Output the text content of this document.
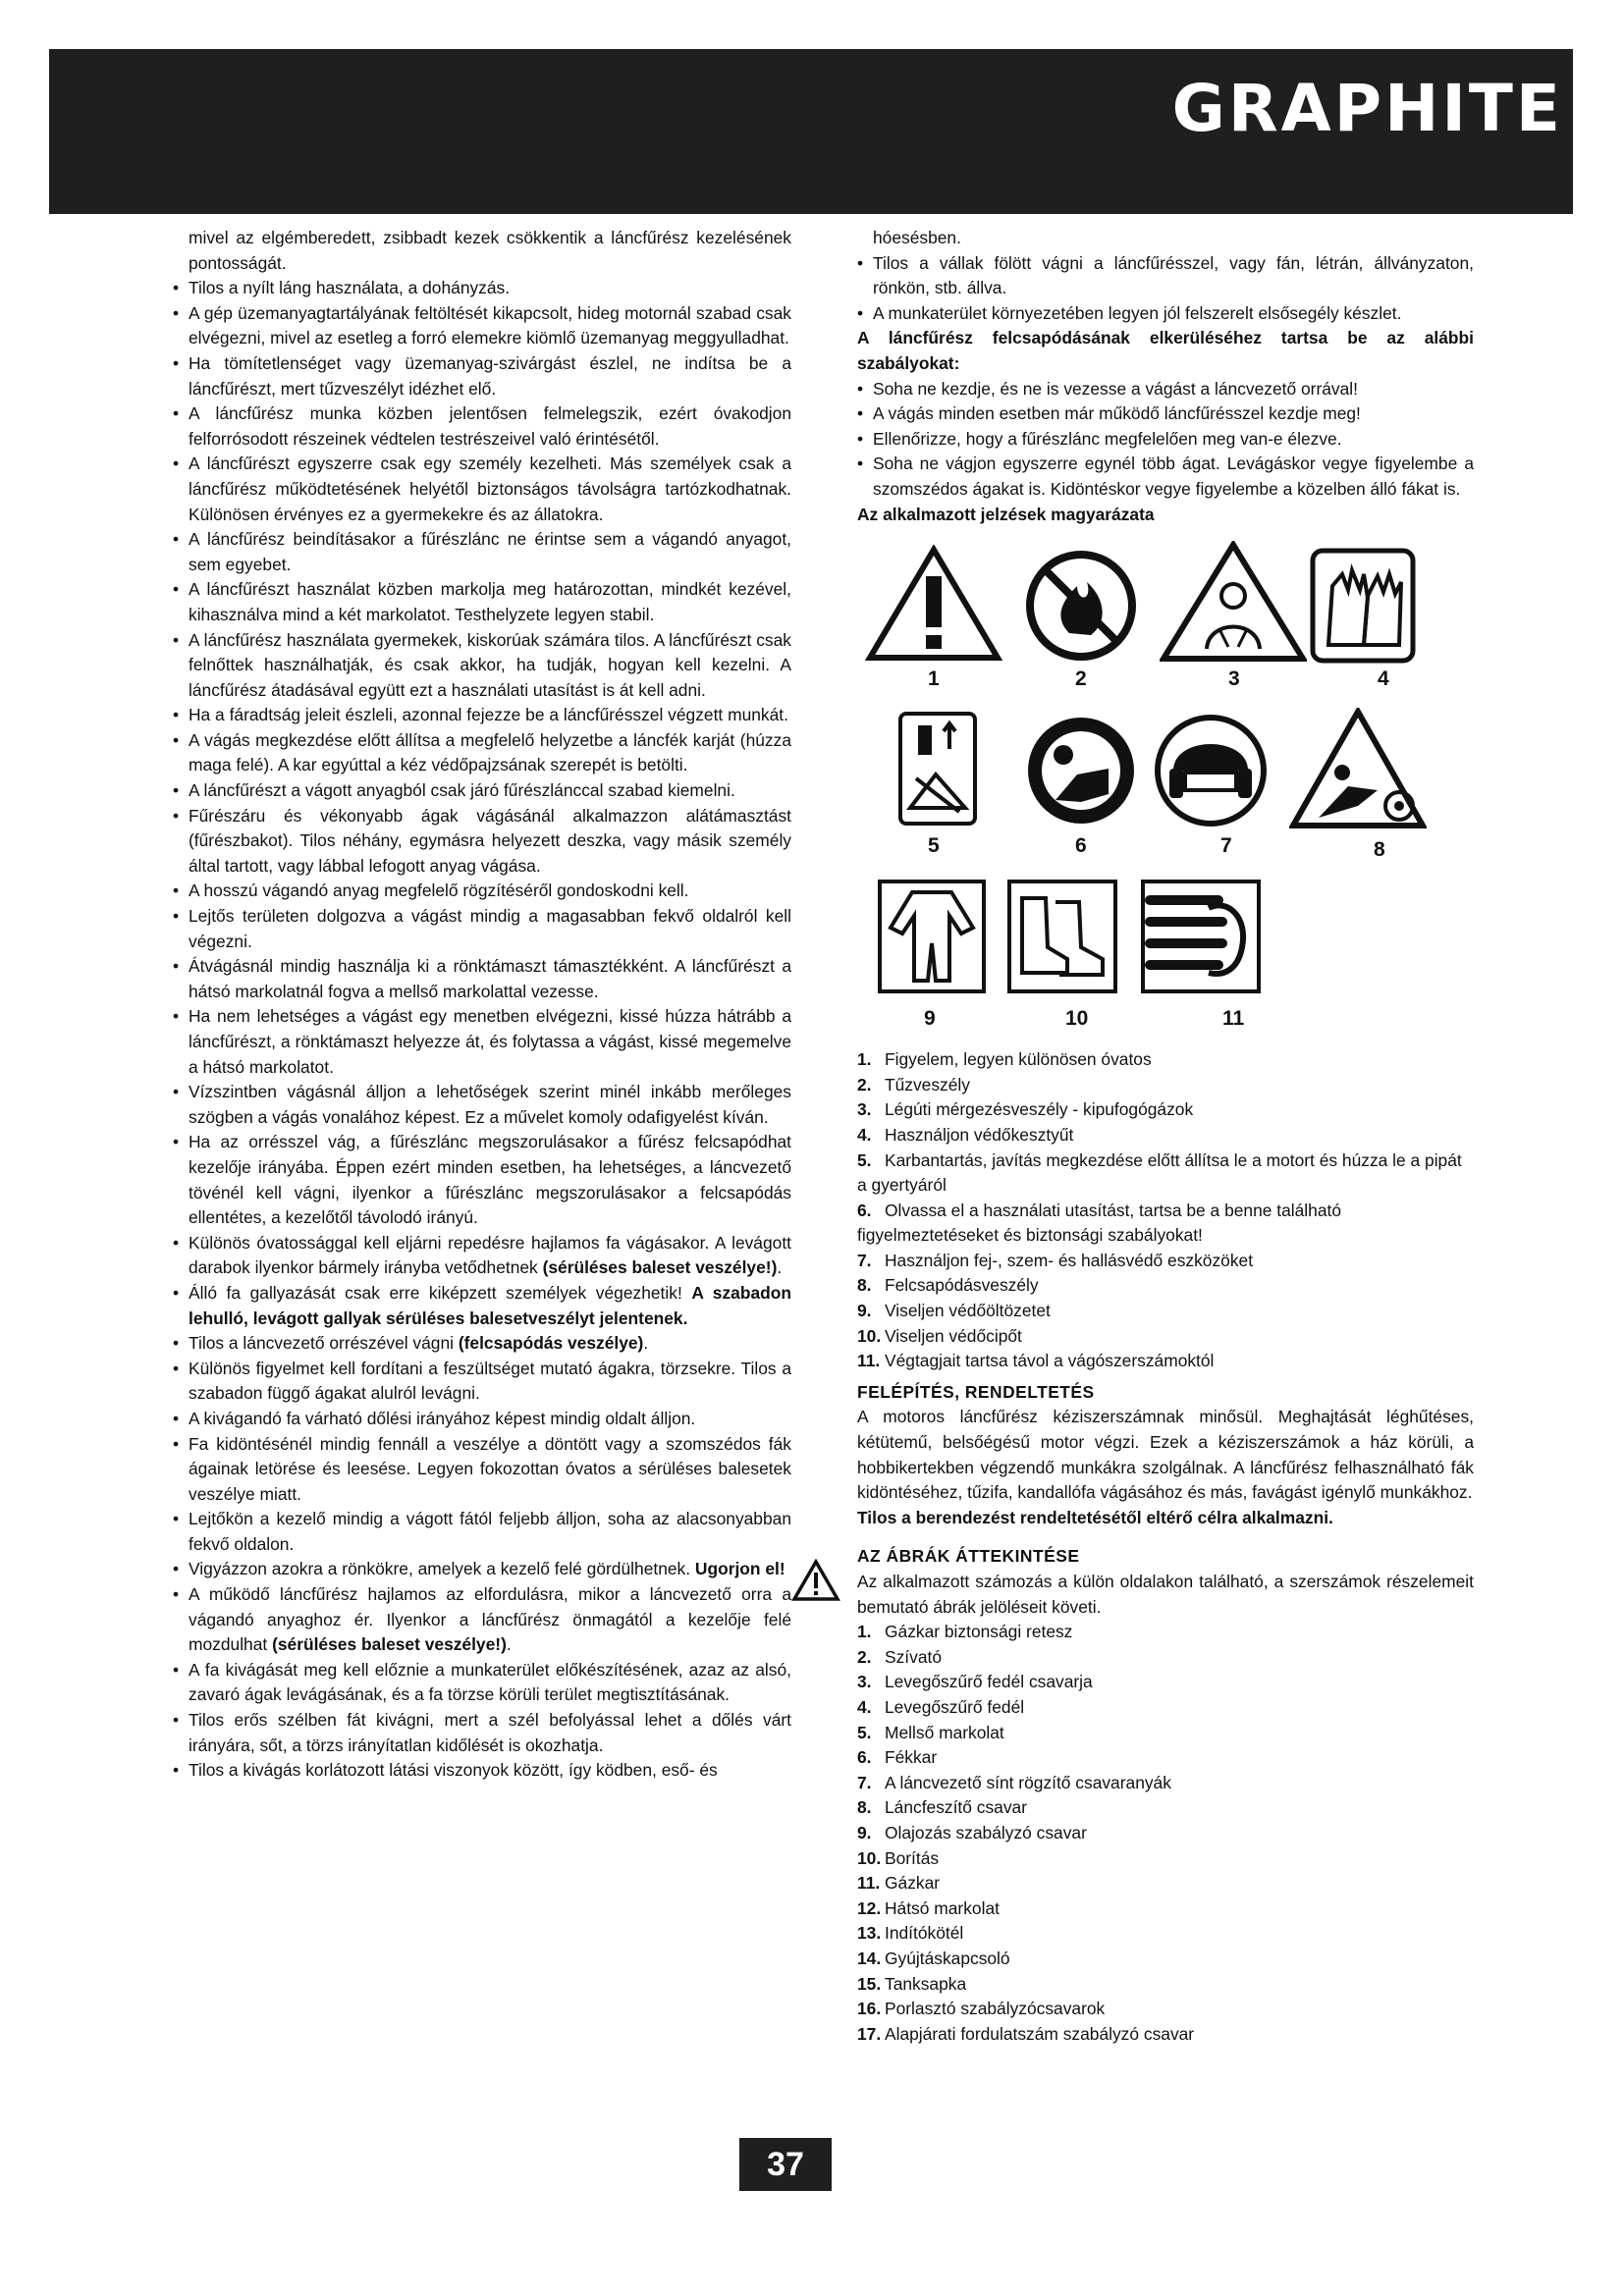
GRAPHITE
mivel az elgémberedett, zsibbadt kezek csökkentik a láncfűrész kezelésének pontosságát.
• Tilos a nyílt láng használata, a dohányzás.
• A gép üzemanyagtartályának feltöltését kikapcsolt, hideg motornál szabad csak elvégezni, mivel az esetleg a forró elemekre kiömlő üzemanyag meggyulladhat.
• Ha tömítetlenséget vagy üzemanyag-szivárgást észlel, ne indítsa be a láncfűrészt, mert tűzveszélyt idézhet elő.
• A láncfűrész munka közben jelentősen felmelegszik, ezért óvakodjon felforrósodott részeinek védtelen testrészeivel való érintésétől.
• A láncfűrészt egyszerre csak egy személy kezelheti. Más személyek csak a láncfűrész működtetésének helyétől biztonságos távolságra tartózkodhatnak. Különösen érvényes ez a gyermekekre és az állatokra.
• A láncfűrész beindításakor a fűrészlánc ne érintse sem a vágandó anyagot, sem egyebet.
• A láncfűrészt használat közben markolja meg határozottan, mindkét kezével, kihasználva mind a két markolatot. Testhelyzete legyen stabil.
• A láncfűrész használata gyermekek, kiskorúak számára tilos. A láncfűrészt csak felnőttek használhatják, és csak akkor, ha tudják, hogyan kell kezelni. A láncfűrész átadásával együtt ezt a használati utasítást is át kell adni.
• Ha a fáradtság jeleit észleli, azonnal fejezze be a láncfűrésszel végzett munkát.
• A vágás megkezdése előtt állítsa a megfelelő helyzetbe a láncfék karját (húzza maga felé). A kar egyúttal a kéz védőpajzsának szerepét is betölti.
• A láncfűrészt a vágott anyagból csak járó fűrészlánccal szabad kiemelni.
• Fűrészáru és vékonyabb ágak vágásánál alkalmazzon alátámasztást (fűrészbakot). Tilos néhány, egymásra helyezett deszka, vagy másik személy által tartott, vagy lábbal lefogott anyag vágása.
• A hosszú vágandó anyag megfelelő rögzítéséről gondoskodni kell.
• Lejtős területen dolgozva a vágást mindig a magasabban fekvő oldalról kell végezni.
• Átvágásnál mindig használja ki a rönktámaszt támasztékként. A láncfűrészt a hátsó markolatnál fogva a mellső markolattal vezesse.
• Ha nem lehetséges a vágást egy menetben elvégezni, kissé húzza hátrább a láncfűrészt, a rönktámaszt helyezze át, és folytassa a vágást, kissé megemelve a hátsó markolatot.
• Vízszintben vágásnál álljon a lehetőségek szerint minél inkább merőleges szögben a vágás vonalához képest. Ez a művelet komoly odafigyelést kíván.
• Ha az orrésszel vág, a fűrészlánc megszorulásakor a fűrész felcsapódhat kezelője irányába. Éppen ezért minden esetben, ha lehetséges, a láncvezető tövénél kell vágni, ilyenkor a fűrészlánc megszorulásakor a felcsapódás ellentétes, a kezelőtől távolodó irányú.
• Különös óvatossággal kell eljárni repedésre hajlamos fa vágásakor. A levágott darabok ilyenkor bármely irányba vetődhetnek (sérüléses baleset veszélye!).
• Álló fa gallyazását csak erre kiképzett személyek végezhetik! A szabadon lehulló, levágott gallyak sérüléses balesetveszélyt jelentenek.
• Tilos a láncvezető orrészével vágni (felcsapódás veszélye).
• Különös figyelmet kell fordítani a feszültséget mutató ágakra, törzsekre. Tilos a szabadon függő ágakat alulról levágni.
• A kivágandó fa várható dőlési irányához képest mindig oldalt álljon.
• Fa kidöntésénél mindig fennáll a veszélye a döntött vagy a szomszédos fák ágainak letörése és leesése. Legyen fokozottan óvatos a sérüléses balesetek veszélye miatt.
• Lejtőkön a kezelő mindig a vágott fától feljebb álljon, soha az alacsonyabban fekvő oldalon.
• Vigyázzon azokra a rönkökre, amelyek a kezelő felé gördülhetnek. Ugorjon el!
• A működő láncfűrész hajlamos az elfordulásra, mikor a láncvezető orra a vágandó anyaghoz ér. Ilyenkor a láncfűrész önmagától a kezelője felé mozdulhat (sérüléses baleset veszélye!).
• A fa kivágását meg kell előznie a munkaterület előkészítésének, azaz az alsó, zavaró ágak levágásának, és a fa törzse körüli terület megtisztításának.
• Tilos erős szélben fát kivágni, mert a szél befolyással lehet a dőlés várt irányára, sőt, a törzs irányítatlan kidőlését is okozhatja.
• Tilos a kivágás korlátozott látási viszonyok között, így ködben, eső- és
hóesésben.
• Tilos a vállak fölött vágni a láncfűrésszel, vagy fán, létrán, állványzaton, rönkön, stb. állva.
• A munkaterület környezetében legyen jól felszerelt elsősegély készlet.
A láncfűrész felcsapódásának elkerüléséhez tartsa be az alábbi szabályokat:
• Soha ne kezdje, és ne is vezesse a vágást a láncvezető orrával!
• A vágás minden esetben már működő láncfűrésszel kezdje meg!
• Ellenőrizze, hogy a fűrészlánc megfelelően meg van-e élezve.
• Soha ne vágjon egyszerre egynél több ágat. Levágáskor vegye figyelembe a szomszédos ágakat is. Kidöntéskor vegye figyelembe a közelben álló fákat is.
Az alkalmazott jelzések magyarázata
1	2	3	4
5	6	7	8
9	10	11
1. Figyelem, legyen különösen óvatos
2. Tűzveszély
3. Légúti mérgezésveszély - kipufogógázok
4. Használjon védőkesztyűt
5. Karbantartás, javítás megkezdése előtt állítsa le a motort és húzza le a pipát a gyertyáról
6. Olvassa el a használati utasítást, tartsa be a benne található figyelmeztetéseket és biztonsági szabályokat!
7. Használjon fej-, szem- és hallásvédő eszközöket
8. Felcsapódásveszély
9. Viseljen védőöltözetet
10. Viseljen védőcipőt
11. Végtagjait tartsa távol a vágószerszámoktól
FELÉPÍTÉS, RENDELTETÉS
A motoros láncfűrész kéziszerszámnak minősül. Meghajtását léghűtéses, kétütemű, belsőégésű motor végzi. Ezek a kéziszerszámok a ház körüli, a hobbikertekben végzendő munkákra szolgálnak. A láncfűrész felhasználható fák kidöntéséhez, tűzifa, kandallófa vágásához és más, favágást igénylő munkákhoz.
Tilos a berendezést rendeltetésétől eltérő célra alkalmazni.
AZ ÁBRÁK ÁTTEKINTÉSE
Az alkalmazott számozás a külön oldalakon található, a szerszámok részelemeit bemutató ábrák jelöléseit követi.
1. Gázkar biztonsági retesz
2. Szívató
3. Levegőszűrő fedél csavarja
4. Levegőszűrő fedél
5. Mellső markolat
6. Fékkar
7. A láncvezető sínt rögzítő csavaranyák
8. Láncfeszítő csavar
9. Olajozás szabályzó csavar
10. Borítás
11. Gázkar
12. Hátsó markolat
13. Indítókötél
14. Gyújtáskapcsoló
15. Tanksapka
16. Porlasztó szabályzócsavarok
17. Alapjárati fordulatszám szabályzó csavar
37
